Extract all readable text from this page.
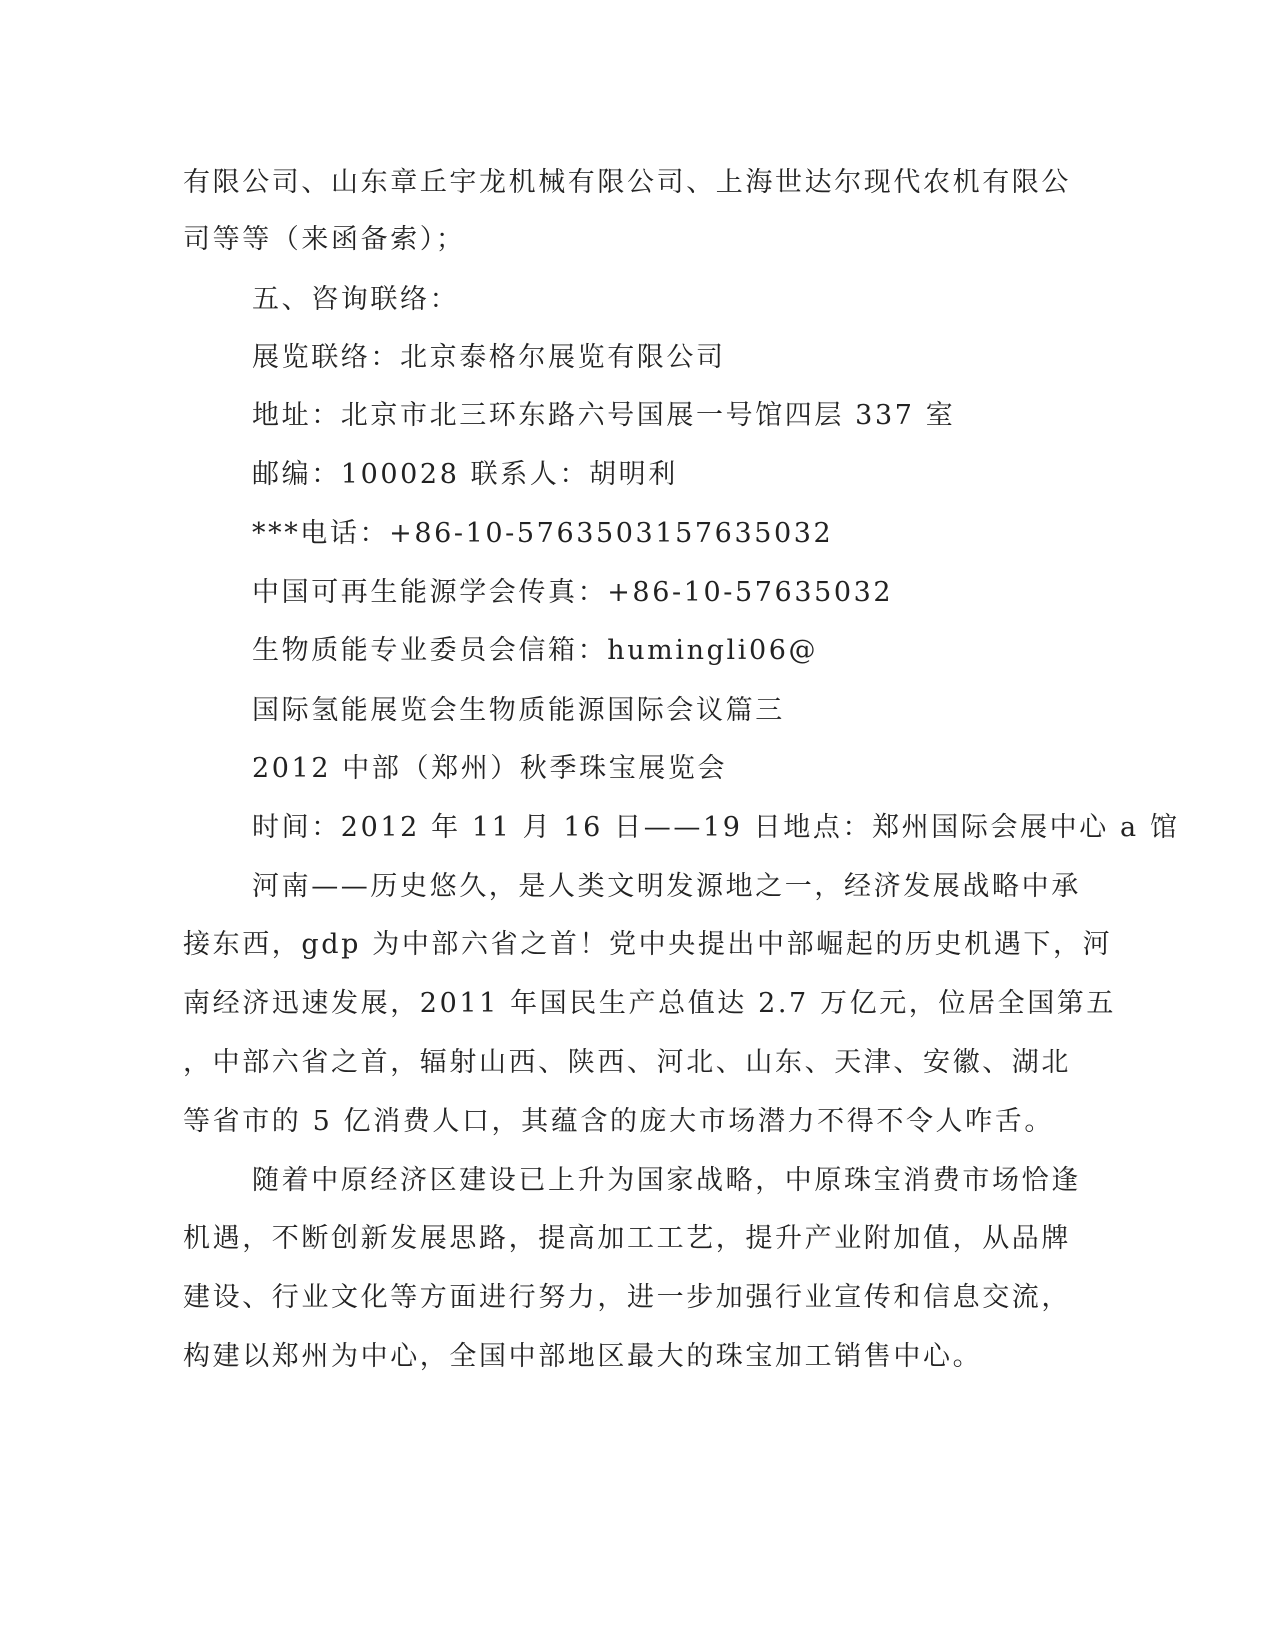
有限公司、山东章丘宇龙机械有限公司、上海世达尔现代农机有限公
司等等（来函备索）；
五、咨询联络：
展览联络：北京泰格尔展览有限公司
地址：北京市北三环东路六号国展一号馆四层 337 室
邮编：100028 联系人：胡明利
***电话：+86-10-5763503157635032
中国可再生能源学会传真：+86-10-57635032
生物质能专业委员会信箱：humingli06@
国际氢能展览会生物质能源国际会议篇三
2012 中部（郑州）秋季珠宝展览会
时间：2012 年 11 月 16 日——19 日地点：郑州国际会展中心 a 馆
河南——历史悠久，是人类文明发源地之一，经济发展战略中承
接东西，gdp 为中部六省之首！党中央提出中部崛起的历史机遇下，河
南经济迅速发展，2011 年国民生产总值达 2.7 万亿元，位居全国第五
，中部六省之首，辐射山西、陕西、河北、山东、天津、安徽、湖北
等省市的 5 亿消费人口，其蕴含的庞大市场潜力不得不令人咋舌。
随着中原经济区建设已上升为国家战略，中原珠宝消费市场恰逢
机遇，不断创新发展思路，提高加工工艺，提升产业附加值，从品牌
建设、行业文化等方面进行努力，进一步加强行业宣传和信息交流，
构建以郑州为中心，全国中部地区最大的珠宝加工销售中心。
